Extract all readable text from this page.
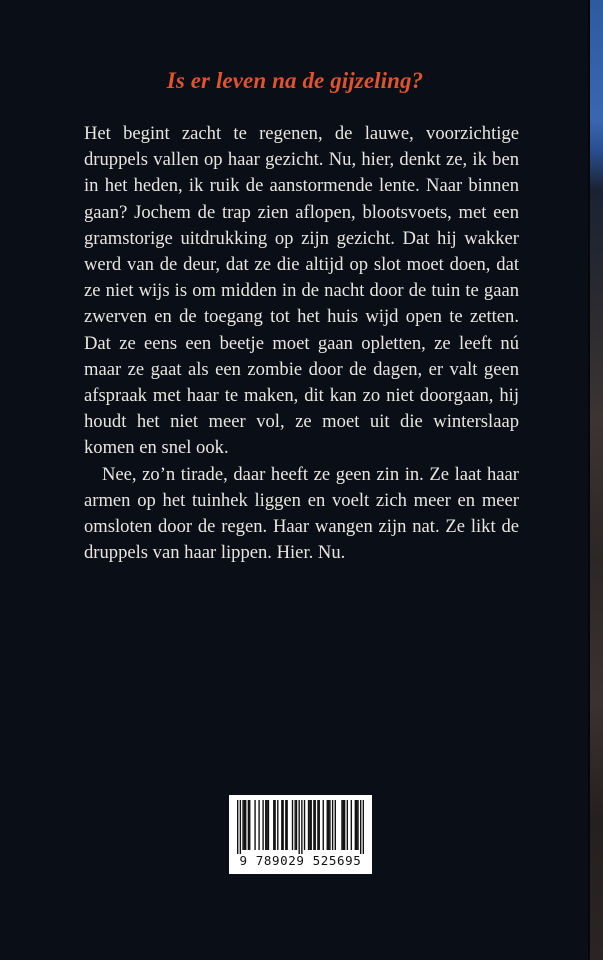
Is er leven na de gijzeling?

Het begint zacht te regenen, de lauwe, voorzichtige druppels vallen op haar gezicht. Nu, hier, denkt ze, ik ben in het heden, ik ruik de aanstormende lente. Naar binnen gaan? Jochem de trap zien aflopen, blootsvoets, met een gramstorige uitdrukking op zijn gezicht. Dat hij wakker werd van de deur, dat ze die altijd op slot moet doen, dat ze niet wijs is om midden in de nacht door de tuin te gaan zwerven en de toegang tot het huis wijd open te zetten. Dat ze eens een beetje moet gaan opletten, ze leeft nú maar ze gaat als een zombie door de dagen, er valt geen afspraak met haar te maken, dit kan zo niet doorgaan, hij houdt het niet meer vol, ze moet uit die winterslaap komen en snel ook.

Nee, zo’n tirade, daar heeft ze geen zin in. Ze laat haar armen op het tuinhek liggen en voelt zich meer en meer omsloten door de regen. Haar wangen zijn nat. Ze likt de druppels van haar lippen. Hier. Nu.

9 789029 525695
